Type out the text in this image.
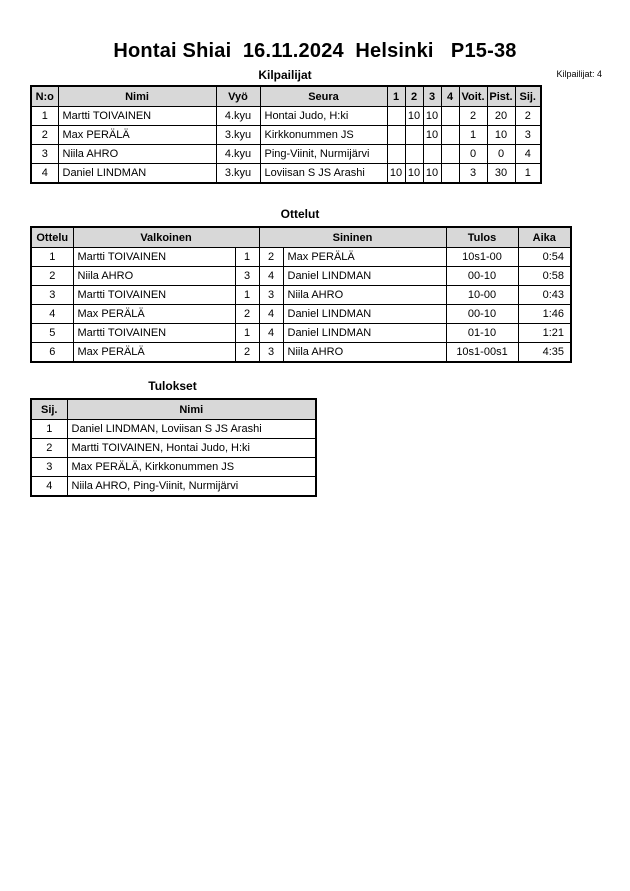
Hontai Shiai  16.11.2024  Helsinki   P15-38
Kilpailijat: 4
Kilpailijat
N:o	Nimi	Vyö	Seura	1	2	3	4	Voit.	Pist.	Sij.
1	Martti TOIVAINEN	4.kyu	Hontai Judo, H:ki		10	10		2	20	2
2	Max PERÄLÄ	3.kyu	Kirkkonummen JS			10		1	10	3
3	Niila AHRO	4.kyu	Ping-Viinit, Nurmijärvi					0	0	4
4	Daniel LINDMAN	3.kyu	Loviisan S JS Arashi	10	10	10		3	30	1
Ottelut
Ottelu	Valkoinen		Sininen		Tulos	Aika
1	Martti TOIVAINEN	1	2	Max PERÄLÄ	10s1-00	0:54
2	Niila AHRO	3	4	Daniel LINDMAN	00-10	0:58
3	Martti TOIVAINEN	1	3	Niila AHRO	10-00	0:43
4	Max PERÄLÄ	2	4	Daniel LINDMAN	00-10	1:46
5	Martti TOIVAINEN	1	4	Daniel LINDMAN	01-10	1:21
6	Max PERÄLÄ	2	3	Niila AHRO	10s1-00s1	4:35
Tulokset
Sij.	Nimi
1	Daniel LINDMAN, Loviisan S JS Arashi
2	Martti TOIVAINEN, Hontai Judo, H:ki
3	Max PERÄLÄ, Kirkkonummen JS
4	Niila AHRO, Ping-Viinit, Nurmijärvi
